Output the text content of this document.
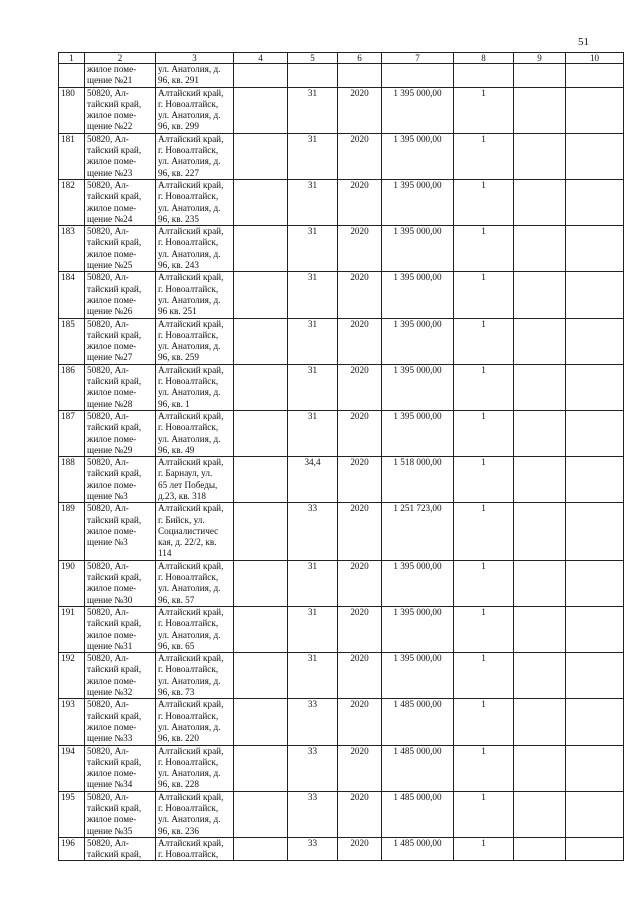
51
1	2	3	4	5	6	7	8	9	10
	жилое поме-
щение №21	ул. Анатолия, д.
96, кв. 291							
180	50820, Ал-
тайский край,
жилое поме-
щение №22	Алтайский край,
г. Новоалтайск,
ул. Анатолия, д.
96, кв. 299		31	2020	1 395 000,00	1		
181	50820, Ал-
тайский край,
жилое поме-
щение №23	Алтайский край,
г. Новоалтайск,
ул. Анатолия, д.
96, кв. 227		31	2020	1 395 000,00	1		
182	50820, Ал-
тайский край,
жилое поме-
щение №24	Алтайский край,
г. Новоалтайск,
ул. Анатолия, д.
96, кв. 235		31	2020	1 395 000,00	1		
183	50820, Ал-
тайский край,
жилое поме-
щение №25	Алтайский край,
г. Новоалтайск,
ул. Анатолия, д.
96, кв. 243		31	2020	1 395 000,00	1		
184	50820, Ал-
тайский край,
жилое поме-
щение №26	Алтайский край,
г. Новоалтайск,
ул. Анатолия, д.
96 кв. 251		31	2020	1 395 000,00	1		
185	50820, Ал-
тайский край,
жилое поме-
щение №27	Алтайский край,
г. Новоалтайск,
ул. Анатолия, д.
96, кв. 259		31	2020	1 395 000,00	1		
186	50820, Ал-
тайский край,
жилое поме-
щение №28	Алтайский край,
г. Новоалтайск,
ул. Анатолия, д.
96, кв. 1		31	2020	1 395 000,00	1		
187	50820, Ал-
тайский край,
жилое поме-
щение №29	Алтайский край,
г. Новоалтайск,
ул. Анатолия, д.
96, кв. 49		31	2020	1 395 000,00	1		
188	50820, Ал-
тайский край,
жилое поме-
щение №3	Алтайский край,
г. Барнаул, ул.
65 лет Победы,
д.23, кв. 318		34,4	2020	1 518 000,00	1		
189	50820, Ал-
тайский край,
жилое поме-
щение №3	Алтайский край,
г. Бийск, ул.
Социалистичес
кая, д. 22/2, кв.
114		33	2020	1 251 723,00	1		
190	50820, Ал-
тайский край,
жилое поме-
щение №30	Алтайский край,
г. Новоалтайск,
ул. Анатолия, д.
96, кв. 57		31	2020	1 395 000,00	1		
191	50820, Ал-
тайский край,
жилое поме-
щение №31	Алтайский край,
г. Новоалтайск,
ул. Анатолия, д.
96, кв. 65		31	2020	1 395 000,00	1		
192	50820, Ал-
тайский край,
жилое поме-
щение №32	Алтайский край,
г. Новоалтайск,
ул. Анатолия, д.
96, кв. 73		31	2020	1 395 000,00	1		
193	50820, Ал-
тайский край,
жилое поме-
щение №33	Алтайский край,
г. Новоалтайск,
ул. Анатолия, д.
96, кв. 220		33	2020	1 485 000,00	1		
194	50820, Ал-
тайский край,
жилое поме-
щение №34	Алтайский край,
г. Новоалтайск,
ул. Анатолия, д.
96, кв. 228		33	2020	1 485 000,00	1		
195	50820, Ал-
тайский край,
жилое поме-
щение №35	Алтайский край,
г. Новоалтайск,
ул. Анатолия, д.
96, кв. 236		33	2020	1 485 000,00	1		
196	50820, Ал-
тайский край,	Алтайский край,
г. Новоалтайск,		33	2020	1 485 000,00	1		
